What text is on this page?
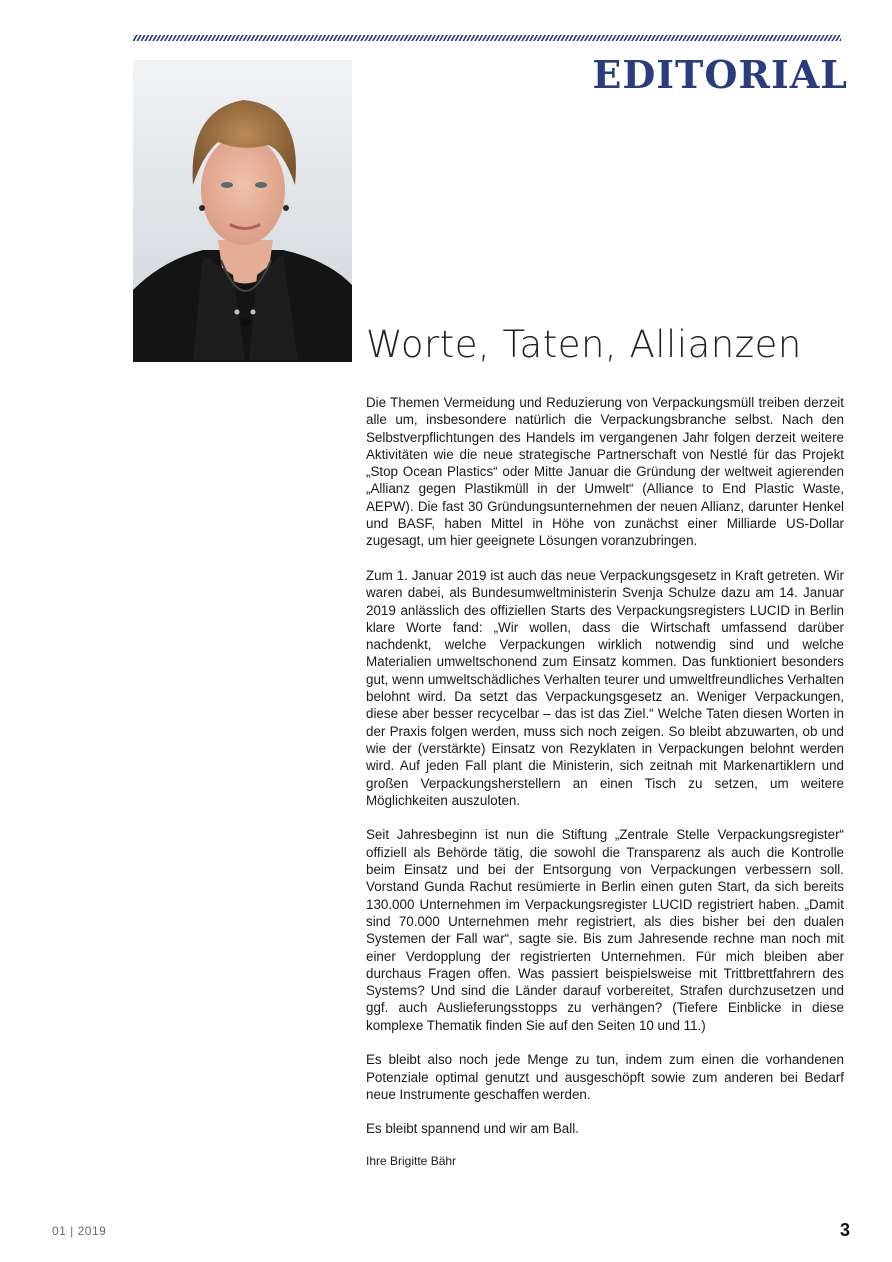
EDITORIAL
Worte, Taten, Allianzen

Die Themen Vermeidung und Reduzierung von Verpackungsmüll treiben derzeit alle um, insbesondere natürlich die Verpackungsbranche selbst. Nach den Selbstverpflichtungen des Handels im vergangenen Jahr folgen derzeit weitere Aktivitäten wie die neue strategische Partnerschaft von Nestlé für das Projekt „Stop Ocean Plastics“ oder Mitte Januar die Gründung der weltweit agierenden „Allianz gegen Plastikmüll in der Umwelt“ (Alliance to End Plastic Waste, AEPW). Die fast 30 Gründungsunternehmen der neuen Allianz, darunter Henkel und BASF, haben Mittel in Höhe von zunächst einer Milliarde US-Dollar zugesagt, um hier geeignete Lösungen voranzubringen.

Zum 1. Januar 2019 ist auch das neue Verpackungsgesetz in Kraft getreten. Wir waren dabei, als Bundesumweltministerin Svenja Schulze dazu am 14. Januar 2019 anlässlich des offiziellen Starts des Verpackungsregisters LUCID in Berlin klare Worte fand: „Wir wollen, dass die Wirtschaft umfassend darüber nachdenkt, welche Verpackungen wirklich notwendig sind und welche Materialien umweltschonend zum Einsatz kommen. Das funktioniert besonders gut, wenn umweltschädliches Verhalten teurer und umweltfreundliches Verhalten belohnt wird. Da setzt das Verpackungsgesetz an. Weniger Verpackungen, diese aber besser recycelbar – das ist das Ziel.“ Welche Taten diesen Worten in der Praxis folgen werden, muss sich noch zeigen. So bleibt abzuwarten, ob und wie der (verstärkte) Einsatz von Rezyklaten in Verpackungen belohnt werden wird. Auf jeden Fall plant die Ministerin, sich zeitnah mit Markenartiklern und großen Verpackungsherstellern an einen Tisch zu setzen, um weitere Möglichkeiten auszuloten.

Seit Jahresbeginn ist nun die Stiftung „Zentrale Stelle Verpackungsregister“ offiziell als Behörde tätig, die sowohl die Transparenz als auch die Kontrolle beim Einsatz und bei der Entsorgung von Verpackungen verbessern soll. Vorstand Gunda Rachut resümierte in Berlin einen guten Start, da sich bereits 130.000 Unternehmen im Verpackungsregister LUCID registriert haben. „Damit sind 70.000 Unternehmen mehr registriert, als dies bisher bei den dualen Systemen der Fall war“, sagte sie. Bis zum Jahresende rechne man noch mit einer Verdopplung der registrierten Unternehmen. Für mich bleiben aber durchaus Fragen offen. Was passiert beispielsweise mit Trittbrettfahrern des Systems? Und sind die Länder darauf vorbereitet, Strafen durchzusetzen und ggf. auch Auslieferungsstopps zu verhängen? (Tiefere Einblicke in diese komplexe Thematik finden Sie auf den Seiten 10 und 11.)

Es bleibt also noch jede Menge zu tun, indem zum einen die vorhandenen Potenziale optimal genutzt und ausgeschöpft sowie zum anderen bei Bedarf neue Instrumente geschaffen werden.

Es bleibt spannend und wir am Ball.

Ihre Brigitte Bähr
01 | 2019	3
